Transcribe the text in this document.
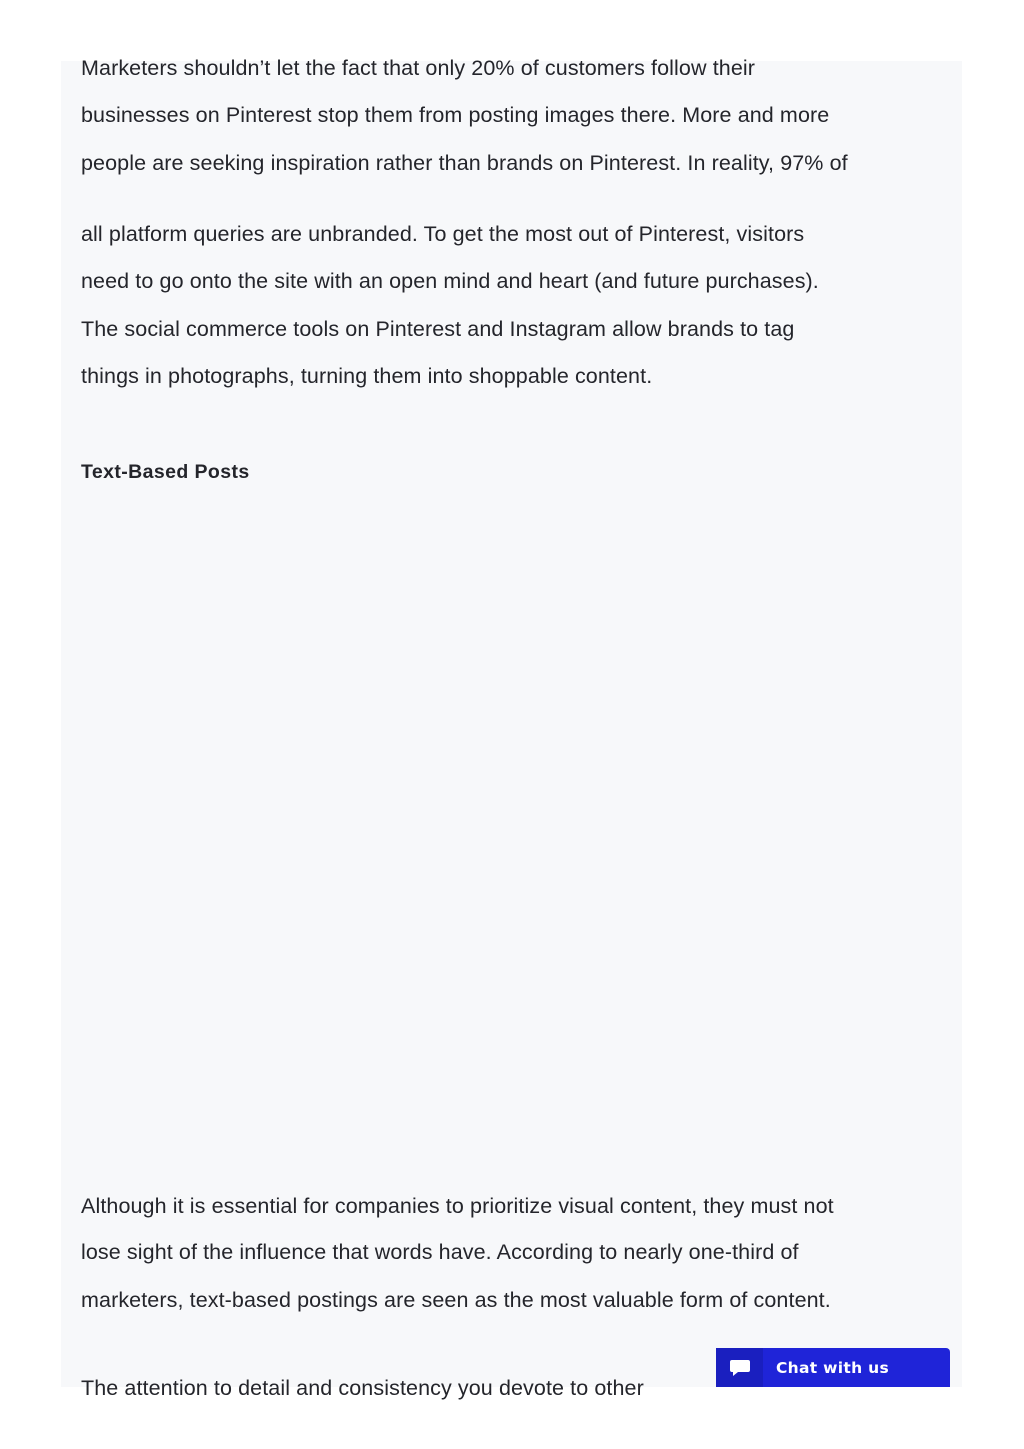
Marketers shouldn’t let the fact that only 20% of customers follow their
businesses on Pinterest stop them from posting images there. More and more
people are seeking inspiration rather than brands on Pinterest. In reality, 97% of
all platform queries are unbranded. To get the most out of Pinterest, visitors
need to go onto the site with an open mind and heart (and future purchases).
The social commerce tools on Pinterest and Instagram allow brands to tag
things in photographs, turning them into shoppable content.
Text-Based Posts
Although it is essential for companies to prioritize visual content, they must not
lose sight of the influence that words have. According to nearly one-third of
marketers, text-based postings are seen as the most valuable form of content.
The attention to detail and consistency you devote to other
Chat with us
